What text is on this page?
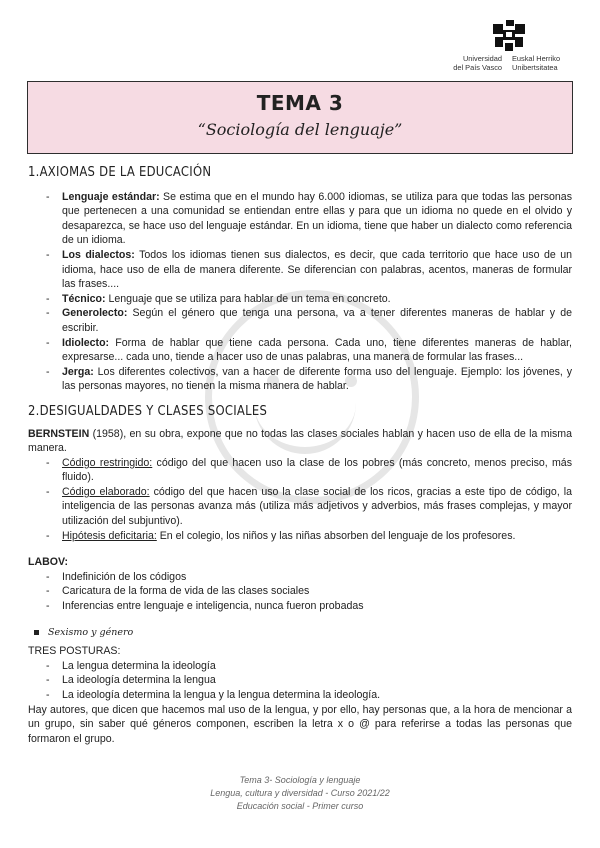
Universidad
del País Vasco
Euskal Herriko
Unibertsitatea
TEMA 3
“Sociología del lenguaje”
1.AXIOMAS DE LA EDUCACIÓN
- Lenguaje estándar: Se estima que en el mundo hay 6.000 idiomas, se utiliza para que todas las personas que pertenecen a una comunidad se entiendan entre ellas y para que un idioma no quede en el olvido y desaparezca, se hace uso del lenguaje estándar. En un idioma, tiene que haber un dialecto como referencia de un idioma.
- Los dialectos: Todos los idiomas tienen sus dialectos, es decir, que cada territorio que hace uso de un idioma, hace uso de ella de manera diferente. Se diferencian con palabras, acentos, maneras de formular las frases....
- Técnico: Lenguaje que se utiliza para hablar de un tema en concreto.
- Generolecto: Según el género que tenga una persona, va a tener diferentes maneras de hablar y de escribir.
- Idiolecto: Forma de hablar que tiene cada persona. Cada uno, tiene diferentes maneras de hablar, expresarse... cada uno, tiende a hacer uso de unas palabras, una manera de formular las frases...
- Jerga: Los diferentes colectivos, van a hacer de diferente forma uso del lenguaje. Ejemplo: los jóvenes, y las personas mayores, no tienen la misma manera de hablar.
2.DESIGUALDADES Y CLASES SOCIALES

BERNSTEIN (1958), en su obra, expone que no todas las clases sociales hablan y hacen uso de ella de la misma manera.

- Código restringido: código del que hacen uso la clase de los pobres (más concreto, menos preciso, más fluido).
- Código elaborado: código del que hacen uso la clase social de los ricos, gracias a este tipo de código, la inteligencia de las personas avanza más (utiliza más adjetivos y adverbios, más frases complejas, y mayor utilización del subjuntivo).
- Hipótesis deficitaria: En el colegio, los niños y las niñas absorben del lenguaje de los profesores.

LABOV:

- Indefinición de los códigos
- Caricatura de la forma de vida de las clases sociales
- Inferencias entre lenguaje e inteligencia, nunca fueron probadas
Sexismo y género

TRES POSTURAS:

- La lengua determina la ideología
- La ideología determina la lengua
- La ideología determina la lengua y la lengua determina la ideología.

Hay autores, que dicen que hacemos mal uso de la lengua, y por ello, hay personas que, a la hora de mencionar a un grupo, sin saber qué géneros componen, escriben la letra x o @ para referirse a todas las personas que formaron el grupo.

Tema 3- Sociología y lenguaje
Lengua, cultura y diversidad - Curso 2021/22
Educación social - Primer curso
